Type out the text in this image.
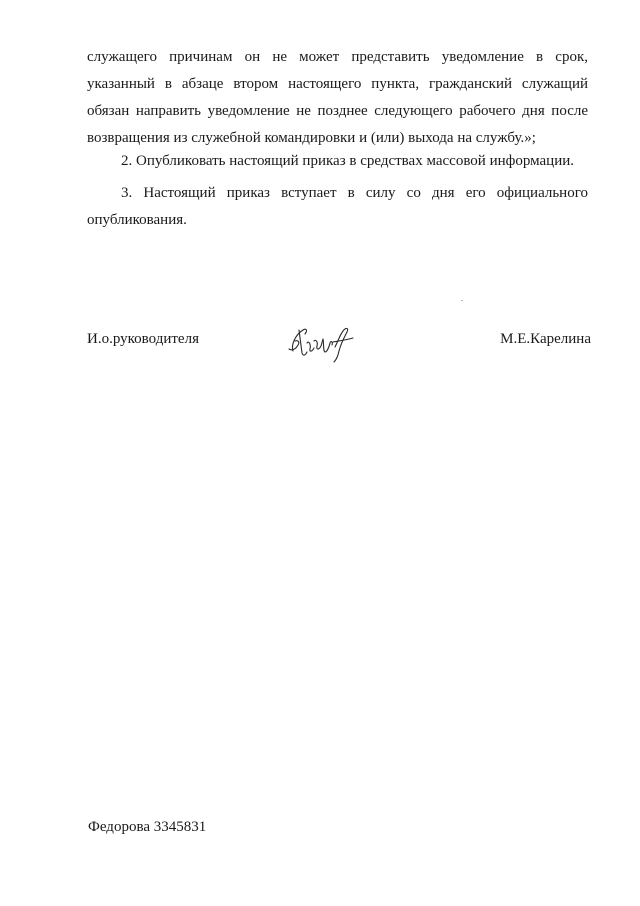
служащего причинам он не может представить уведомление в срок,
указанный в абзаце втором настоящего пункта, гражданский служащий
обязан направить уведомление не позднее следующего рабочего дня после
возвращения из служебной командировки и (или) выхода на службу.»;
2. Опубликовать настоящий приказ в средствах массовой информации.
3. Настоящий приказ вступает в силу со дня его официального
опубликования.
И.о.руководителя	М.Е.Карелина
Федорова 3345831
